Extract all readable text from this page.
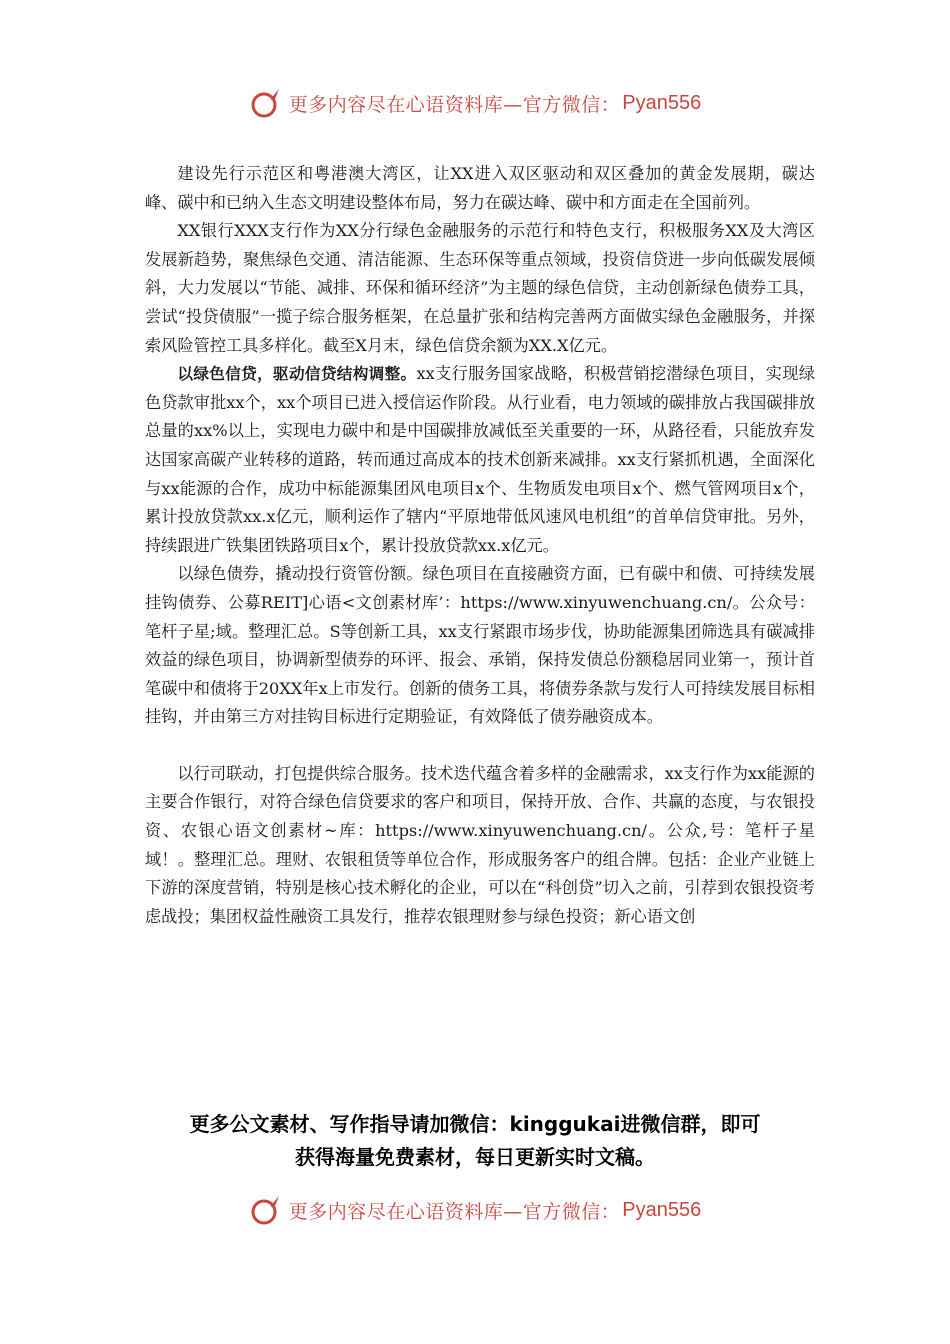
更多内容尽在心语资料库—官方微信： Pyan556

建设先行示范区和粤港澳大湾区，让XX进入双区驱动和双区叠加的黄金发展期，碳达峰、碳中和已纳入生态文明建设整体布局，努力在碳达峰、碳中和方面走在全国前列。

XX银行XXX支行作为XX分行绿色金融服务的示范行和特色支行，积极服务XX及大湾区发展新趋势，聚焦绿色交通、清洁能源、生态环保等重点领域，投资信贷进一步向低碳发展倾斜，大力发展以“节能、减排、环保和循环经济”为主题的绿色信贷，主动创新绿色债券工具，尝试“投贷债服”一揽子综合服务框架，在总量扩张和结构完善两方面做实绿色金融服务，并探索风险管控工具多样化。截至X月末，绿色信贷余额为XX.X亿元。

以绿色信贷，驱动信贷结构调整。xx支行服务国家战略，积极营销挖潜绿色项目，实现绿色贷款审批xx个，xx个项目已进入授信运作阶段。从行业看，电力领域的碳排放占我国碳排放总量的xx%以上，实现电力碳中和是中国碳排放减低至关重要的一环，从路径看，只能放弃发达国家高碳产业转移的道路，转而通过高成本的技术创新来减排。xx支行紧抓机遇，全面深化与xx能源的合作，成功中标能源集团风电项目x个、生物质发电项目x个、燃气管网项目x个，累计投放贷款xx.x亿元，顺利运作了辖内“平原地带低风速风电机组”的首单信贷审批。另外，持续跟进广铁集团铁路项目x个，累计投放贷款xx.x亿元。

以绿色债券，撬动投行资管份额。绿色项目在直接融资方面，已有碳中和债、可持续发展挂钩债券、公募REIT]心语<文创素材库’：https://www.xinyuwenchuang.cn/。公众号：笔杆子星;域。整理汇总。S等创新工具，xx支行紧跟市场步伐，协助能源集团筛选具有碳减排效益的绿色项目，协调新型债券的环评、报会、承销，保持发债总份额稳居同业第一，预计首笔碳中和债将于20XX年x上市发行。创新的债务工具，将债券条款与发行人可持续发展目标相挂钩，并由第三方对挂钩目标进行定期验证，有效降低了债券融资成本。

以行司联动，打包提供综合服务。技术迭代蕴含着多样的金融需求，xx支行作为xx能源的主要合作银行，对符合绿色信贷要求的客户和项目，保持开放、合作、共赢的态度，与农银投资、农银心语文创素材~库：https://www.xinyuwenchuang.cn/。公众,号：笔杆子星域！。整理汇总。理财、农银租赁等单位合作，形成服务客户的组合牌。包括：企业产业链上下游的深度营销，特别是核心技术孵化的企业，可以在“科创贷”切入之前，引荐到农银投资考虑战投；集团权益性融资工具发行，推荐农银理财参与绿色投资；新心语文创

更多公文素材、写作指导请加微信：kinggukai进微信群，即可
获得海量免费素材，每日更新实时文稿。
更多内容尽在心语资料库—官方微信： Pyan556
